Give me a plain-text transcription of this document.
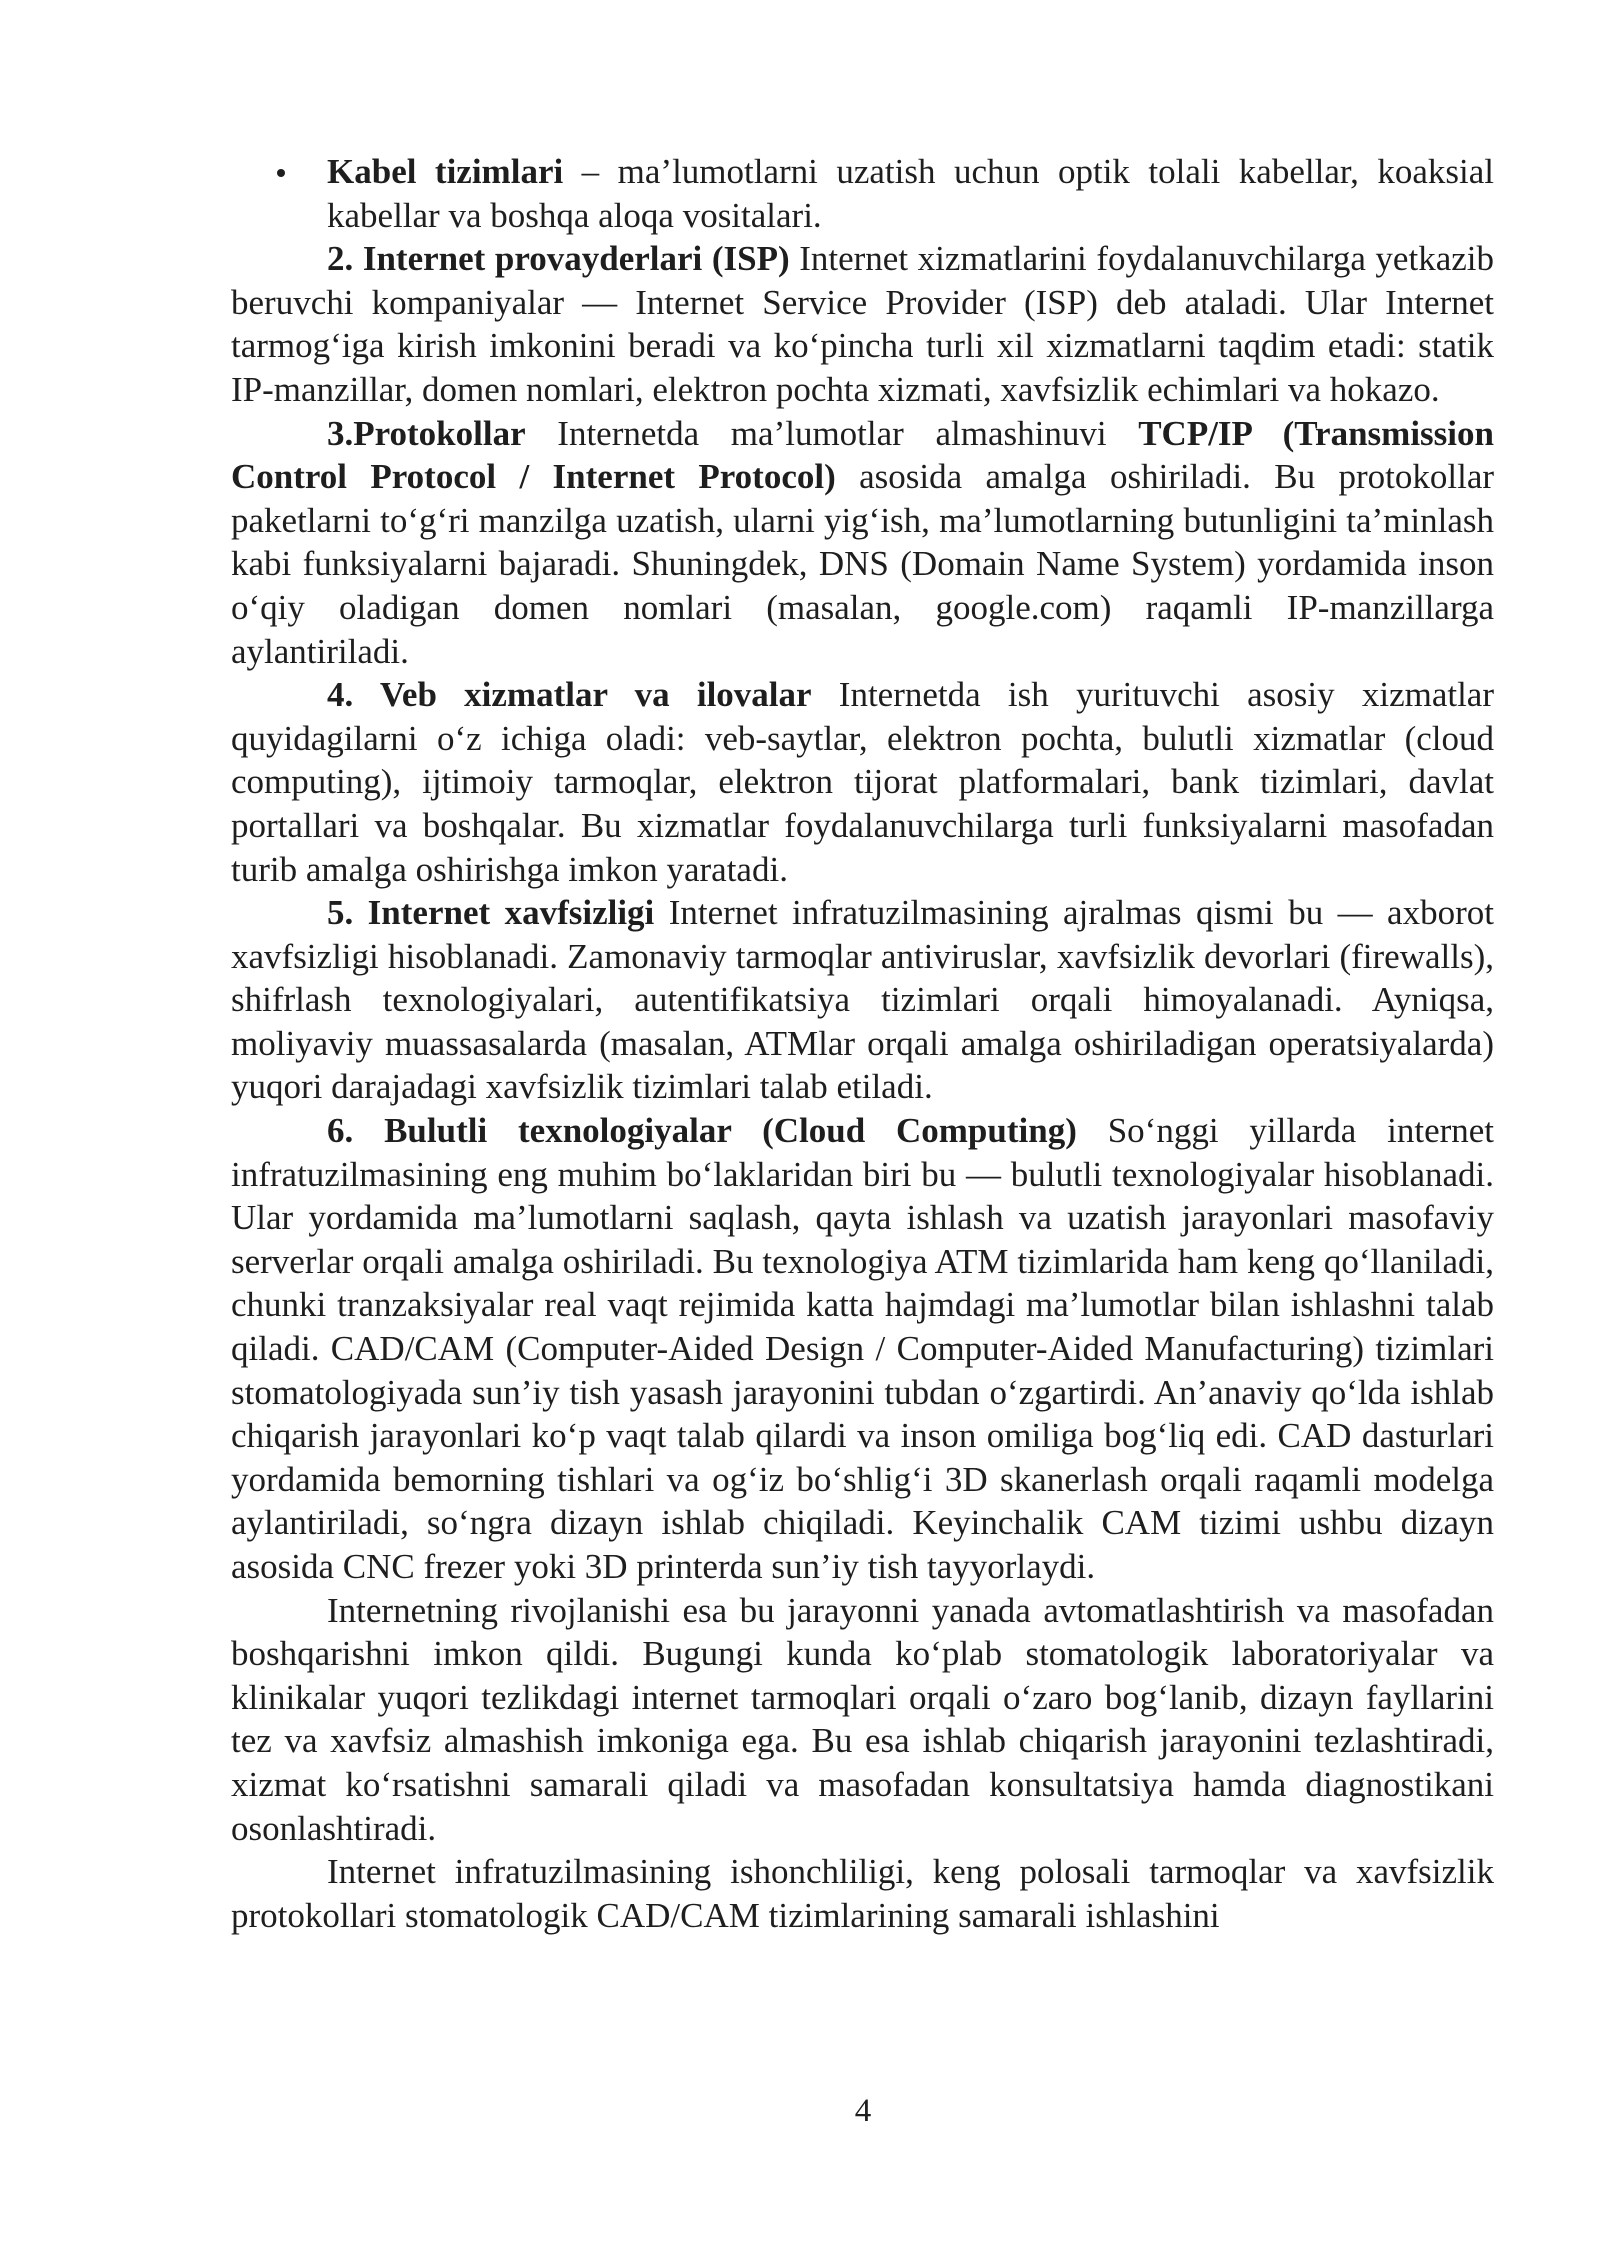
Kabel tizimlari – ma’lumotlarni uzatish uchun optik tolali kabellar, koaksial kabellar va boshqa aloqa vositalari.

2. Internet provayderlari (ISP) Internet xizmatlarini foydalanuvchilarga yetkazib beruvchi kompaniyalar — Internet Service Provider (ISP) deb ataladi. Ular Internet tarmog‘iga kirish imkonini beradi va ko‘pincha turli xil xizmatlarni taqdim etadi: statik IP-manzillar, domen nomlari, elektron pochta xizmati, xavfsizlik echimlari va hokazo.

3.Protokollar Internetda ma’lumotlar almashinuvi TCP/IP (Transmission Control Protocol / Internet Protocol) asosida amalga oshiriladi. Bu protokollar paketlarni to‘g‘ri manzilga uzatish, ularni yig‘ish, ma’lumotlarning butunligini ta’minlash kabi funksiyalarni bajaradi. Shuningdek, DNS (Domain Name System) yordamida inson o‘qiy oladigan domen nomlari (masalan, google.com) raqamli IP-manzillarga aylantiriladi.

4. Veb xizmatlar va ilovalar Internetda ish yurituvchi asosiy xizmatlar quyidagilarni o‘z ichiga oladi: veb-saytlar, elektron pochta, bulutli xizmatlar (cloud computing), ijtimoiy tarmoqlar, elektron tijorat platformalari, bank tizimlari, davlat portallari va boshqalar. Bu xizmatlar foydalanuvchilarga turli funksiyalarni masofadan turib amalga oshirishga imkon yaratadi.

5. Internet xavfsizligi Internet infratuzilmasining ajralmas qismi bu — axborot xavfsizligi hisoblanadi. Zamonaviy tarmoqlar antiviruslar, xavfsizlik devorlari (firewalls), shifrlash texnologiyalari, autentifikatsiya tizimlari orqali himoyalanadi. Ayniqsa, moliyaviy muassasalarda (masalan, ATMlar orqali amalga oshiriladigan operatsiyalarda) yuqori darajadagi xavfsizlik tizimlari talab etiladi.

6. Bulutli texnologiyalar (Cloud Computing) So‘nggi yillarda internet infratuzilmasining eng muhim bo‘laklaridan biri bu — bulutli texnologiyalar hisoblanadi. Ular yordamida ma’lumotlarni saqlash, qayta ishlash va uzatish jarayonlari masofaviy serverlar orqali amalga oshiriladi. Bu texnologiya ATM tizimlarida ham keng qo‘llaniladi, chunki tranzaksiyalar real vaqt rejimida katta hajmdagi ma’lumotlar bilan ishlashni talab qiladi. CAD/CAM (Computer-Aided Design / Computer-Aided Manufacturing) tizimlari stomatologiyada sun’iy tish yasash jarayonini tubdan o‘zgartirdi. An’anaviy qo‘lda ishlab chiqarish jarayonlari ko‘p vaqt talab qilardi va inson omiliga bog‘liq edi. CAD dasturlari yordamida bemorning tishlari va og‘iz bo‘shlig‘i 3D skanerlash orqali raqamli modelga aylantiriladi, so‘ngra dizayn ishlab chiqiladi. Keyinchalik CAM tizimi ushbu dizayn asosida CNC frezer yoki 3D printerda sun’iy tish tayyorlaydi.

Internetning rivojlanishi esa bu jarayonni yanada avtomatlashtirish va masofadan boshqarishni imkon qildi. Bugungi kunda ko‘plab stomatologik laboratoriyalar va klinikalar yuqori tezlikdagi internet tarmoqlari orqali o‘zaro bog‘lanib, dizayn fayllarini tez va xavfsiz almashish imkoniga ega. Bu esa ishlab chiqarish jarayonini tezlashtiradi, xizmat ko‘rsatishni samarali qiladi va masofadan konsultatsiya hamda diagnostikani osonlashtiradi.

Internet infratuzilmasining ishonchliligi, keng polosali tarmoqlar va xavfsizlik protokollari stomatologik CAD/CAM tizimlarining samarali ishlashini

4
